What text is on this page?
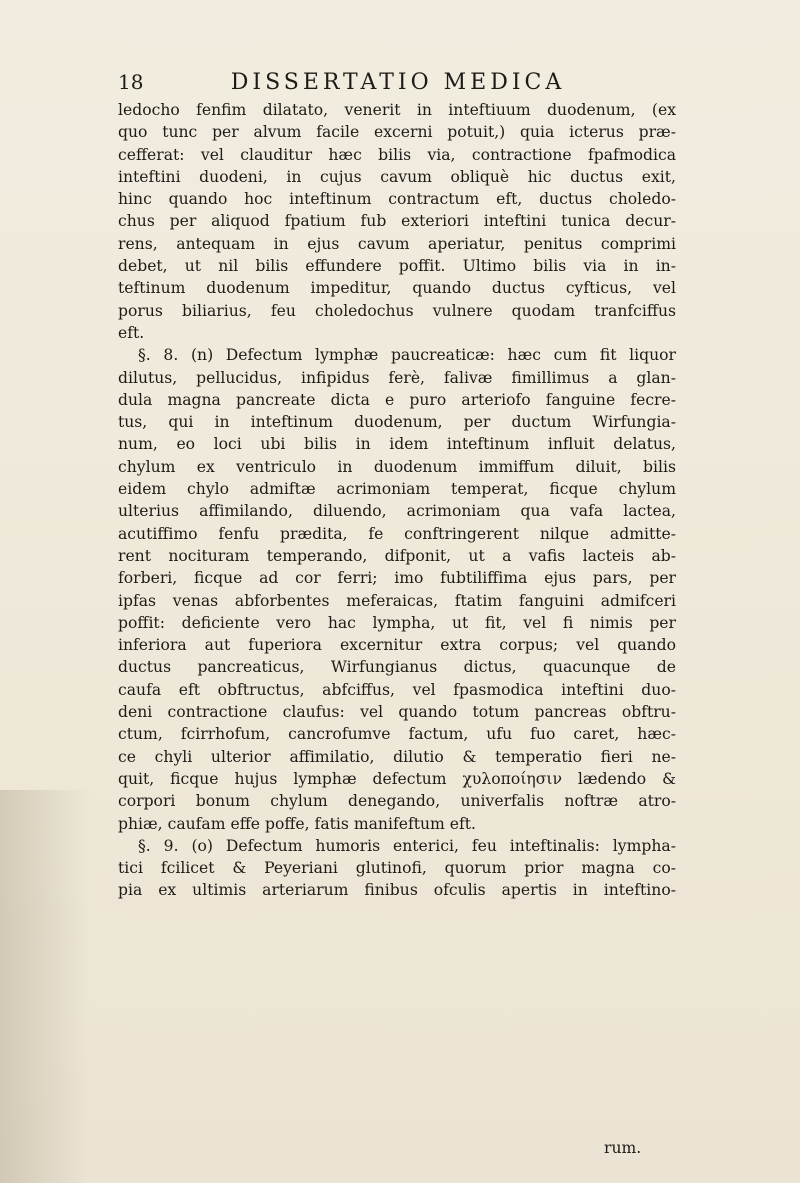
18	DISSERTATIO MEDICA
ledocho fenfim dilatato, venerit in inteftiuum duodenum, (ex
quo tunc per alvum facile excerni potuit,) quia icterus præ-
cefferat: vel clauditur hæc bilis via, contractione fpafmodica
inteftini duodeni, in cujus cavum obliquè hic ductus exit,
hinc quando hoc inteftinum contractum eft, ductus choledo-
chus per aliquod fpatium fub exteriori inteftini tunica decur-
rens, antequam in ejus cavum aperiatur, penitus comprimi
debet, ut nil bilis effundere poffit. Ultimo bilis via in in-
teftinum duodenum impeditur, quando ductus cyfticus, vel
porus biliarius, feu choledochus vulnere quodam tranfciffus
eft.
§. 8. (n) Defectum lymphæ paucreaticæ: hæc cum fit liquor
dilutus, pellucidus, infipidus ferè, falivæ fimillimus a glan-
dula magna pancreate dicta e puro arteriofo fanguine fecre-
tus, qui in inteftinum duodenum, per ductum Wirfungia-
num, eo loci ubi bilis in idem inteftinum influit delatus,
chylum ex ventriculo in duodenum immiffum diluit, bilis
eidem chylo admiftæ acrimoniam temperat, ficque chylum
ulterius affimilando, diluendo, acrimoniam qua vafa lactea,
acutiffimo fenfu prædita, fe conftringerent nilque admitte-
rent nocituram temperando, difponit, ut a vafis lacteis ab-
forberi, ficque ad cor ferri; imo fubtiliffima ejus pars, per
ipfas venas abforbentes meferaicas, ftatim fanguini admifceri
poffit: deficiente vero hac lympha, ut fit, vel fi nimis per
inferiora aut fuperiora excernitur extra corpus; vel quando
ductus pancreaticus, Wirfungianus dictus, quacunque de
caufa eft obftructus, abfciffus, vel fpasmodica inteftini duo-
deni contractione claufus: vel quando totum pancreas obftru-
ctum, fcirrhofum, cancrofumve factum, ufu fuo caret, hæc-
ce chyli ulterior affimilatio, dilutio & temperatio fieri ne-
quit, ficque hujus lymphæ defectum χυλοποίησιν lædendo &
corpori bonum chylum denegando, univerfalis noftræ atro-
phiæ, caufam effe poffe, fatis manifeftum eft.
§. 9. (o) Defectum humoris enterici, feu inteftinalis: lympha-
tici fcilicet & Peyeriani glutinofi, quorum prior magna co-
pia ex ultimis arteriarum finibus ofculis apertis in inteftino-
rum.
